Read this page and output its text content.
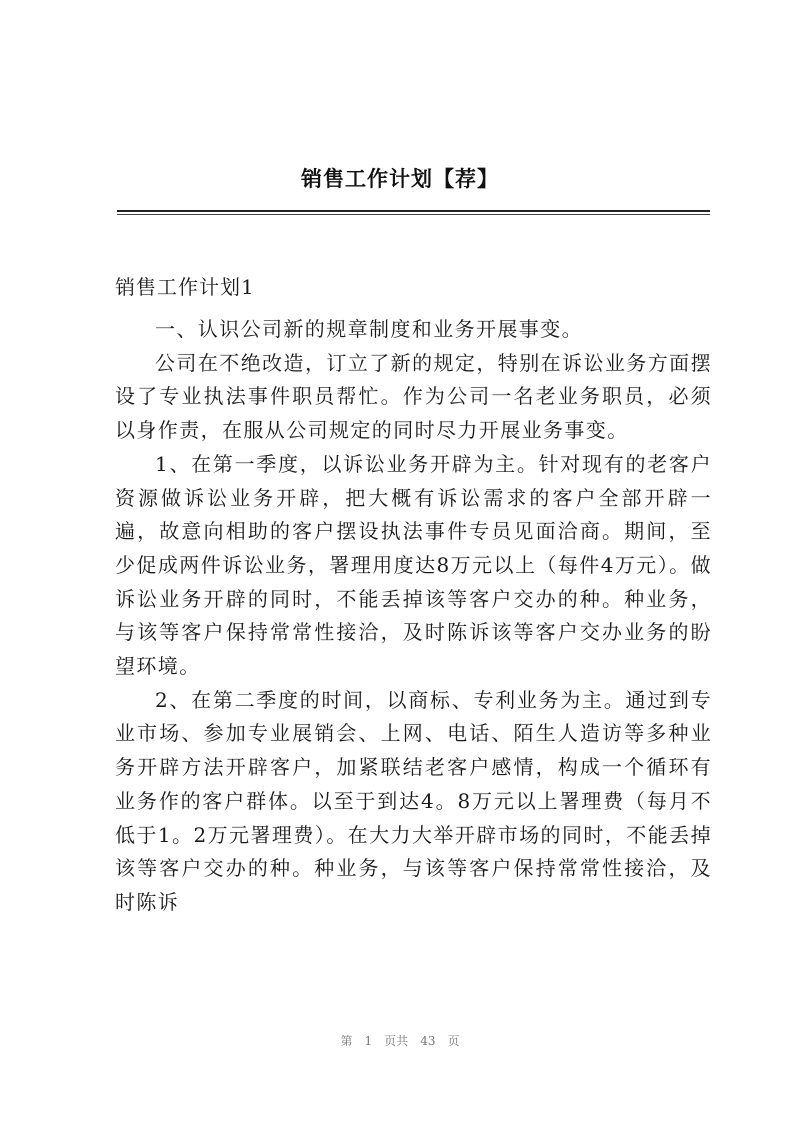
销售工作计划【荐】
销售工作计划1

一、认识公司新的规章制度和业务开展事变。

公司在不绝改造，订立了新的规定，特别在诉讼业务方面摆设了专业执法事件职员帮忙。作为公司一名老业务职员，必须以身作责，在服从公司规定的同时尽力开展业务事变。

1、在第一季度，以诉讼业务开辟为主。针对现有的老客户资源做诉讼业务开辟，把大概有诉讼需求的客户全部开辟一遍，故意向相助的客户摆设执法事件专员见面洽商。期间，至少促成两件诉讼业务，署理用度达8万元以上（每件4万元）。做诉讼业务开辟的同时，不能丢掉该等客户交办的种。种业务，与该等客户保持常常性接洽，及时陈诉该等客户交办业务的盼望环境。

2、在第二季度的时间，以商标、专利业务为主。通过到专业市场、参加专业展销会、上网、电话、陌生人造访等多种业务开辟方法开辟客户，加紧联结老客户感情，构成一个循环有业务作的客户群体。以至于到达4。8万元以上署理费（每月不低于1。2万元署理费）。在大力大举开辟市场的同时，不能丢掉该等客户交办的种。种业务，与该等客户保持常常性接洽，及时陈诉

第 1 页共 43 页
